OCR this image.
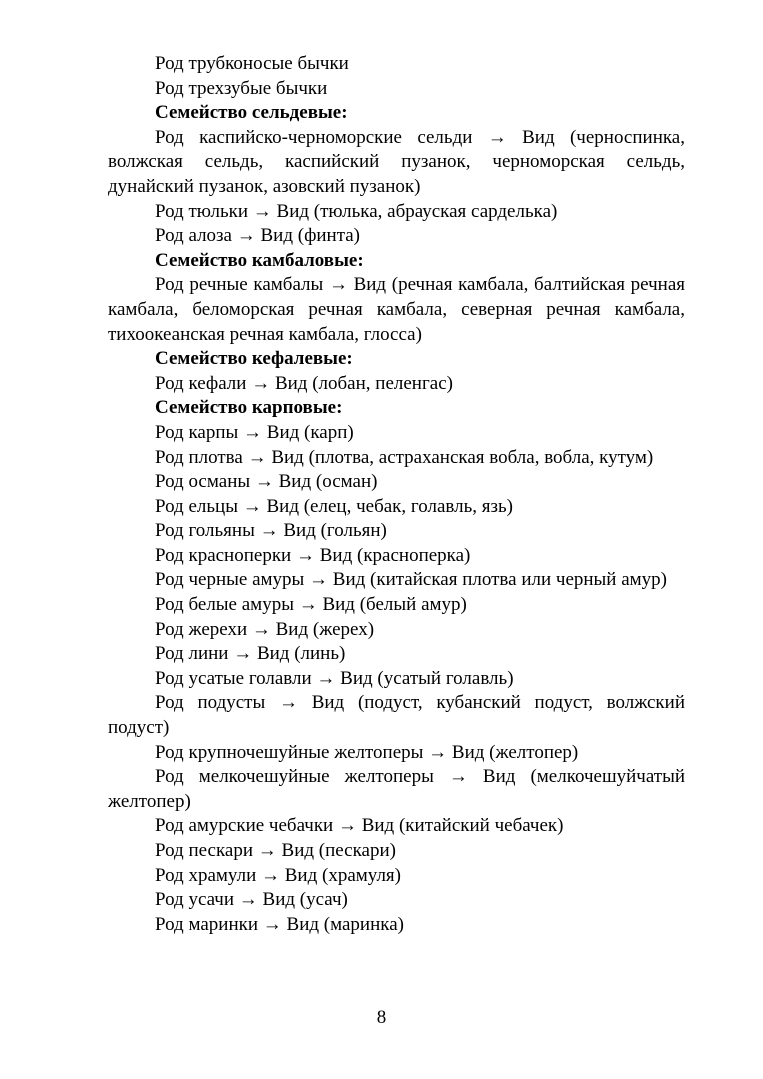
Род трубконосые бычки

Род трехзубые бычки

Семейство сельдевые:

Род каспийско-черноморские сельди → Вид (черноспинка, волжская сельдь, каспийский пузанок, черноморская сельдь, дунайский пузанок, азовский пузанок)

Род тюльки → Вид (тюлька, абрауская сарделька)

Род алоза → Вид (финта)

Семейство камбаловые:

Род речные камбалы → Вид (речная камбала, балтийская речная камбала, беломорская речная камбала, северная речная камбала, тихоокеанская речная камбала, глосса)

Семейство кефалевые:

Род кефали → Вид (лобан, пеленгас)

Семейство карповые:

Род карпы → Вид (карп)

Род плотва → Вид (плотва, астраханская вобла, вобла, кутум)

Род османы → Вид (осман)

Род ельцы → Вид (елец, чебак, голавль, язь)

Род гольяны → Вид (гольян)

Род красноперки → Вид (красноперка)

Род черные амуры → Вид (китайская плотва или черный амур)

Род белые амуры → Вид (белый амур)

Род жерехи → Вид (жерех)

Род лини → Вид (линь)

Род усатые голавли → Вид (усатый голавль)

Род подусты → Вид (подуст, кубанский подуст, волжский подуст)

Род крупночешуйные желтоперы → Вид (желтопер)

Род мелкочешуйные желтоперы → Вид (мелкочешуйчатый желтопер)

Род амурские чебачки → Вид (китайский чебачек)

Род пескари → Вид (пескари)

Род храмули → Вид (храмуля)

Род усачи → Вид (усач)

Род маринки → Вид (маринка)

8
